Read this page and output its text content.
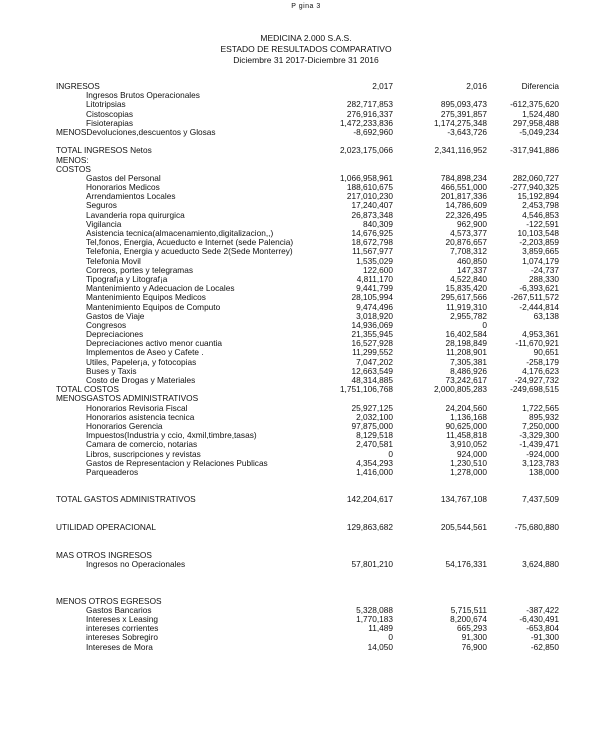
P gina 3
MEDICINA 2.000 S.A.S.
ESTADO DE RESULTADOS COMPARATIVO
Diciembre 31 2017-Diciembre 31 2016
INGRESOS	2,017	2,016	Diferencia
Ingresos Brutos Operacionales
Litotripsias	282,717,853	895,093,473	-612,375,620
Cistoscopias	276,916,337	275,391,857	1,524,480
Fisioterapias	1,472,233,836	1,174,275,348	297,958,488
MENOSDevoluciones,descuentos y Glosas	-8,692,960	-3,643,726	-5,049,234
TOTAL INGRESOS Netos	2,023,175,066	2,341,116,952	-317,941,886
MENOS:
COSTOS
Gastos del Personal	1,066,958,961	784,898,234	282,060,727
Honorarios Medicos	188,610,675	466,551,000	-277,940,325
Arrendamientos Locales	217,010,230	201,817,336	15,192,894
Seguros	17,240,407	14,786,609	2,453,798
Lavanderia ropa quirurgica	26,873,348	22,326,495	4,546,853
Vigilancia	840,309	962,900	-122,591
Asistencia tecnica(almacenamiento,digitalizacion,,)	14,676,925	4,573,377	10,103,548
Tel,fonos, Energia, Acueducto e Internet (sede Palencia)	18,672,798	20,876,657	-2,203,859
Telefonia, Energia y acueducto Sede 2(Sede Monterrey)	11,567,977	7,708,312	3,859,665
Telefonia Movil	1,535,029	460,850	1,074,179
Correos, portes y telegramas	122,600	147,337	-24,737
Tipograf¡a y Litograf¡a	4,811,170	4,522,840	288,330
Mantenimiento y Adecuacion de Locales	9,441,799	15,835,420	-6,393,621
Mantenimiento Equipos Medicos	28,105,994	295,617,566	-267,511,572
Mantenimiento Equipos de Computo	9,474,496	11,919,310	-2,444,814
Gastos de Viaje	3,018,920	2,955,782	63,138
Congresos	14,936,069	0
Depreciaciones	21,355,945	16,402,584	4,953,361
Depreciaciones activo menor cuantia	16,527,928	28,198,849	-11,670,921
Implementos de Aseo y Cafete .	11,299,552	11,208,901	90,651
Utiles, Papeler¡a, y fotocopias	7,047,202	7,305,381	-258,179
Buses y Taxis	12,663,549	8,486,926	4,176,623
Costo de Drogas y Materiales	48,314,885	73,242,617	-24,927,732
TOTAL COSTOS	1,751,106,768	2,000,805,283	-249,698,515
MENOSGASTOS ADMINISTRATIVOS
Honorarios Revisoria Fiscal	25,927,125	24,204,560	1,722,565
Honorarios asistencia tecnica	2,032,100	1,136,168	895,932
Honorarios Gerencia	97,875,000	90,625,000	7,250,000
Impuestos(Industria y ccio, 4xmil,timbre,tasas)	8,129,518	11,458,818	-3,329,300
Camara de comercio, notarias	2,470,581	3,910,052	-1,439,471
Libros, suscripciones y revistas	0	924,000	-924,000
Gastos de Representacion y Relaciones Publicas	4,354,293	1,230,510	3,123,783
Parqueaderos	1,416,000	1,278,000	138,000
TOTAL GASTOS ADMINISTRATIVOS	142,204,617	134,767,108	7,437,509
UTILIDAD OPERACIONAL	129,863,682	205,544,561	-75,680,880
MAS OTROS INGRESOS
Ingresos no Operacionales	57,801,210	54,176,331	3,624,880
MENOS OTROS EGRESOS
Gastos Bancarios	5,328,088	5,715,511	-387,422
Intereses x Leasing	1,770,183	8,200,674	-6,430,491
intereses corrientes	11,489	665,293	-653,804
intereses Sobregiro	0	91,300	-91,300
Intereses de Mora	14,050	76,900	-62,850
